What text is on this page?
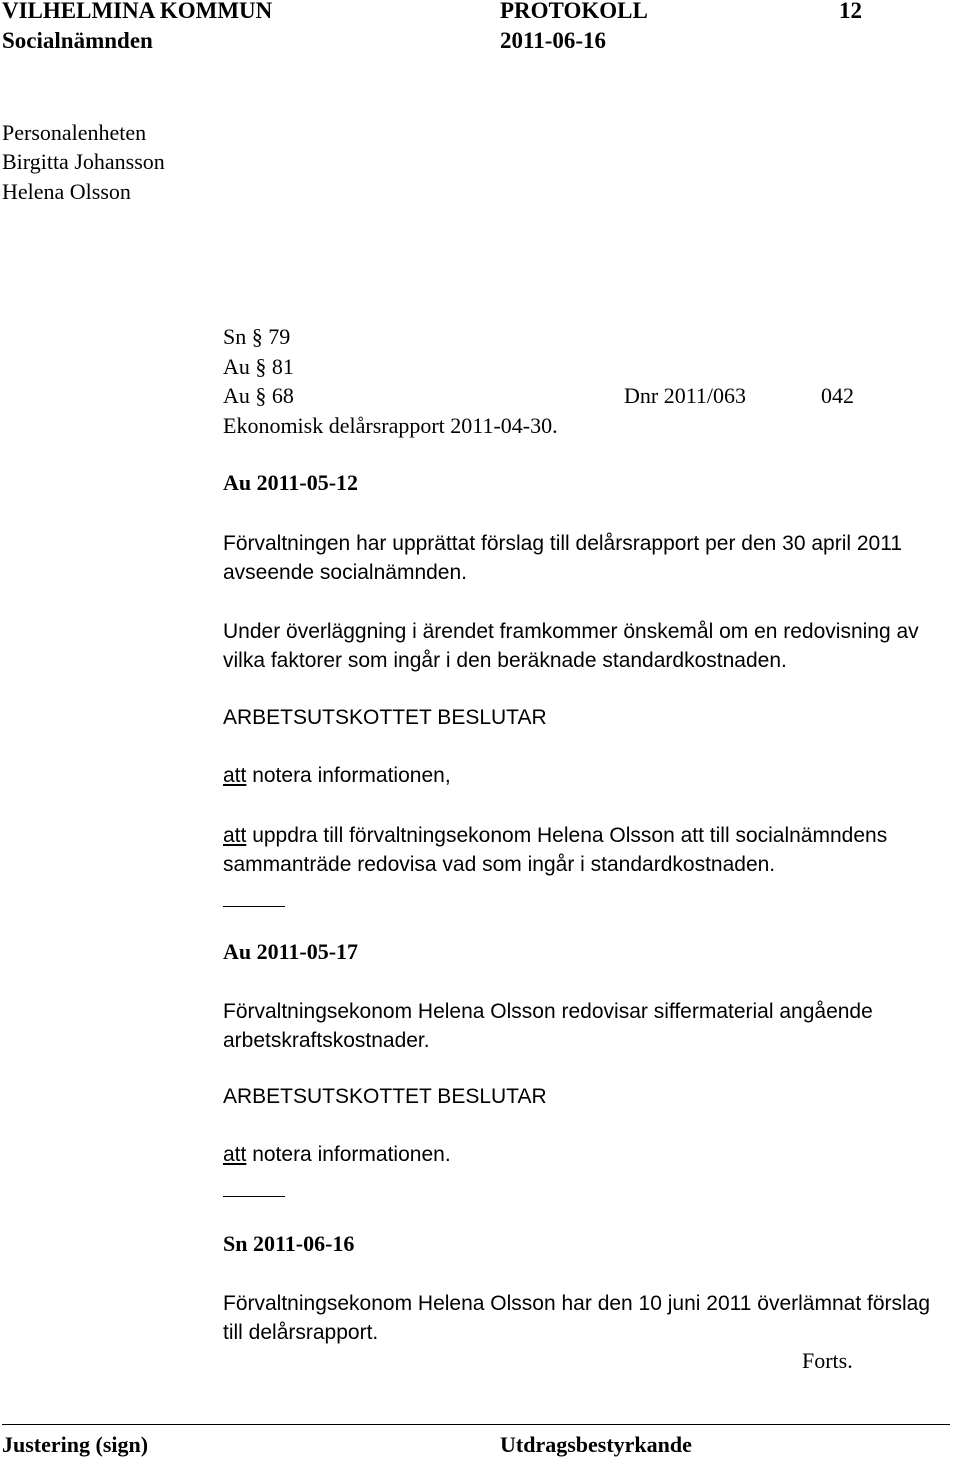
VILHELMINA KOMMUN	PROTOKOLL	12
Socialnämnden	2011-06-16
Personalenheten
Birgitta Johansson
Helena Olsson
Sn § 79
Au § 81
Au § 68	Dnr 2011/063	042
Ekonomisk delårsrapport 2011-04-30.
Au 2011-05-12
Förvaltningen har upprättat förslag till delårsrapport per den 30 april 2011 avseende socialnämnden.
Under överläggning i ärendet framkommer önskemål om en redovisning av vilka faktorer som ingår i den beräknade standardkostnaden.
ARBETSUTSKOTTET BESLUTAR
att notera informationen,
att uppdra till förvaltningsekonom Helena Olsson att till socialnämndens sammanträde redovisa vad som ingår i standardkostnaden.
Au 2011-05-17
Förvaltningsekonom Helena Olsson redovisar siffermaterial angående arbetskraftskostnader.
ARBETSUTSKOTTET BESLUTAR
att notera informationen.
Sn 2011-06-16
Förvaltningsekonom Helena Olsson har den 10 juni 2011 överlämnat förslag till delårsrapport.
Forts.
Justering (sign)	Utdragsbestyrkande
